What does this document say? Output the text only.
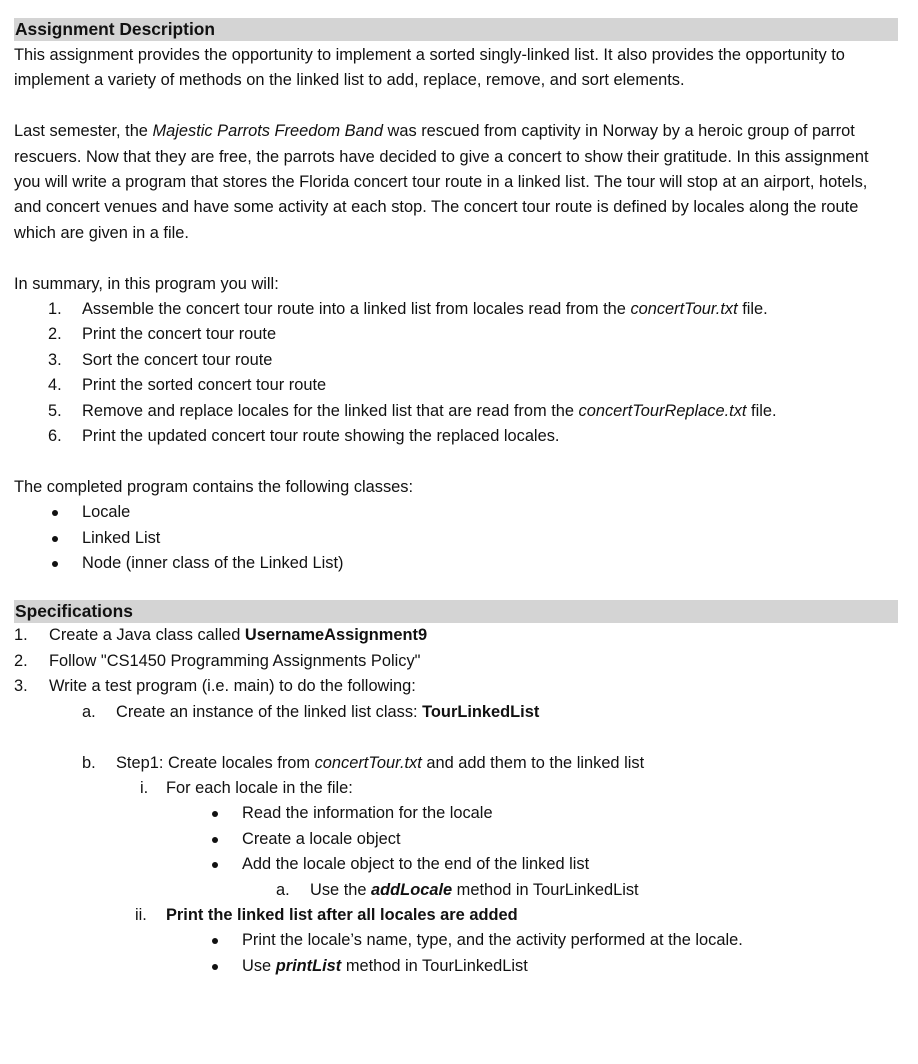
Assignment Description

This assignment provides the opportunity to implement a sorted singly-linked list. It also provides the opportunity to implement a variety of methods on the linked list to add, replace, remove, and sort elements.

Last semester, the Majestic Parrots Freedom Band was rescued from captivity in Norway by a heroic group of parrot rescuers. Now that they are free, the parrots have decided to give a concert to show their gratitude. In this assignment you will write a program that stores the Florida concert tour route in a linked list. The tour will stop at an airport, hotels, and concert venues and have some activity at each stop. The concert tour route is defined by locales along the route which are given in a file.

In summary, in this program you will:

1. Assemble the concert tour route into a linked list from locales read from the concertTour.txt file.
2. Print the concert tour route
3. Sort the concert tour route
4. Print the sorted concert tour route
5. Remove and replace locales for the linked list that are read from the concertTourReplace.txt file.
6. Print the updated concert tour route showing the replaced locales.

The completed program contains the following classes:

Locale
Linked List
Node (inner class of the Linked List)
Specifications
1. Create a Java class called UsernameAssignment9
2. Follow "CS1450 Programming Assignments Policy"
3. Write a test program (i.e. main) to do the following:
a. Create an instance of the linked list class: TourLinkedList
b. Step1: Create locales from concertTour.txt and add them to the linked list
i. For each locale in the file:
Read the information for the locale
Create a locale object
Add the locale object to the end of the linked list
a. Use the addLocale method in TourLinkedList
ii. Print the linked list after all locales are added
Print the locale’s name, type, and the activity performed at the locale.
Use printList method in TourLinkedList
